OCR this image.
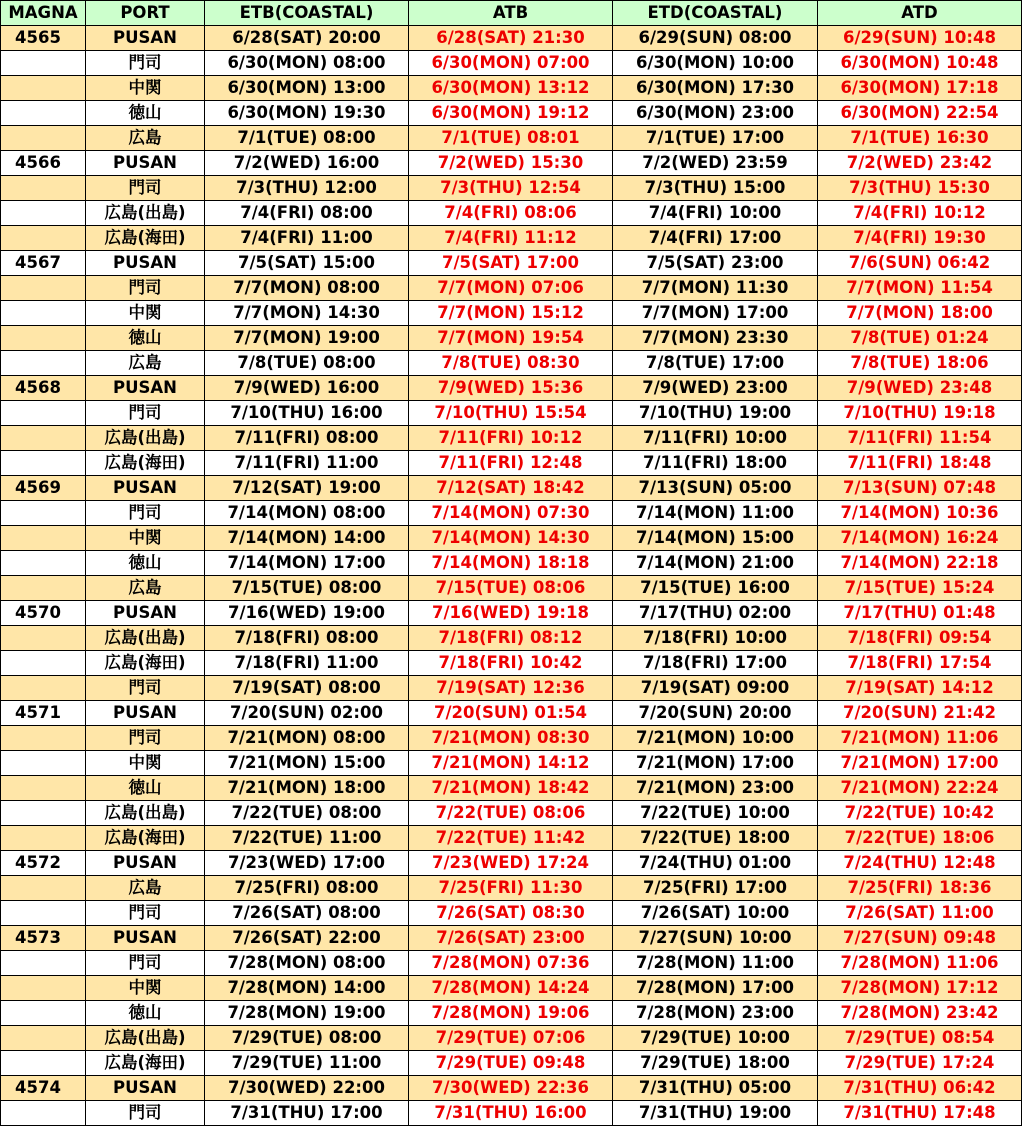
MAGNA	PORT	ETB(COASTAL)	ATB	ETD(COASTAL)	ATD
4565	PUSAN	6/28(SAT) 20:00	6/28(SAT) 21:30	6/29(SUN) 08:00	6/29(SUN) 10:48
	門司	6/30(MON) 08:00	6/30(MON) 07:00	6/30(MON) 10:00	6/30(MON) 10:48
	中関	6/30(MON) 13:00	6/30(MON) 13:12	6/30(MON) 17:30	6/30(MON) 17:18
	徳山	6/30(MON) 19:30	6/30(MON) 19:12	6/30(MON) 23:00	6/30(MON) 22:54
	広島	7/1(TUE) 08:00	7/1(TUE) 08:01	7/1(TUE) 17:00	7/1(TUE) 16:30
4566	PUSAN	7/2(WED) 16:00	7/2(WED) 15:30	7/2(WED) 23:59	7/2(WED) 23:42
	門司	7/3(THU) 12:00	7/3(THU) 12:54	7/3(THU) 15:00	7/3(THU) 15:30
	広島(出島)	7/4(FRI) 08:00	7/4(FRI) 08:06	7/4(FRI) 10:00	7/4(FRI) 10:12
	広島(海田)	7/4(FRI) 11:00	7/4(FRI) 11:12	7/4(FRI) 17:00	7/4(FRI) 19:30
4567	PUSAN	7/5(SAT) 15:00	7/5(SAT) 17:00	7/5(SAT) 23:00	7/6(SUN) 06:42
	門司	7/7(MON) 08:00	7/7(MON) 07:06	7/7(MON) 11:30	7/7(MON) 11:54
	中関	7/7(MON) 14:30	7/7(MON) 15:12	7/7(MON) 17:00	7/7(MON) 18:00
	徳山	7/7(MON) 19:00	7/7(MON) 19:54	7/7(MON) 23:30	7/8(TUE) 01:24
	広島	7/8(TUE) 08:00	7/8(TUE) 08:30	7/8(TUE) 17:00	7/8(TUE) 18:06
4568	PUSAN	7/9(WED) 16:00	7/9(WED) 15:36	7/9(WED) 23:00	7/9(WED) 23:48
	門司	7/10(THU) 16:00	7/10(THU) 15:54	7/10(THU) 19:00	7/10(THU) 19:18
	広島(出島)	7/11(FRI) 08:00	7/11(FRI) 10:12	7/11(FRI) 10:00	7/11(FRI) 11:54
	広島(海田)	7/11(FRI) 11:00	7/11(FRI) 12:48	7/11(FRI) 18:00	7/11(FRI) 18:48
4569	PUSAN	7/12(SAT) 19:00	7/12(SAT) 18:42	7/13(SUN) 05:00	7/13(SUN) 07:48
	門司	7/14(MON) 08:00	7/14(MON) 07:30	7/14(MON) 11:00	7/14(MON) 10:36
	中関	7/14(MON) 14:00	7/14(MON) 14:30	7/14(MON) 15:00	7/14(MON) 16:24
	徳山	7/14(MON) 17:00	7/14(MON) 18:18	7/14(MON) 21:00	7/14(MON) 22:18
	広島	7/15(TUE) 08:00	7/15(TUE) 08:06	7/15(TUE) 16:00	7/15(TUE) 15:24
4570	PUSAN	7/16(WED) 19:00	7/16(WED) 19:18	7/17(THU) 02:00	7/17(THU) 01:48
	広島(出島)	7/18(FRI) 08:00	7/18(FRI) 08:12	7/18(FRI) 10:00	7/18(FRI) 09:54
	広島(海田)	7/18(FRI) 11:00	7/18(FRI) 10:42	7/18(FRI) 17:00	7/18(FRI) 17:54
	門司	7/19(SAT) 08:00	7/19(SAT) 12:36	7/19(SAT) 09:00	7/19(SAT) 14:12
4571	PUSAN	7/20(SUN) 02:00	7/20(SUN) 01:54	7/20(SUN) 20:00	7/20(SUN) 21:42
	門司	7/21(MON) 08:00	7/21(MON) 08:30	7/21(MON) 10:00	7/21(MON) 11:06
	中関	7/21(MON) 15:00	7/21(MON) 14:12	7/21(MON) 17:00	7/21(MON) 17:00
	徳山	7/21(MON) 18:00	7/21(MON) 18:42	7/21(MON) 23:00	7/21(MON) 22:24
	広島(出島)	7/22(TUE) 08:00	7/22(TUE) 08:06	7/22(TUE) 10:00	7/22(TUE) 10:42
	広島(海田)	7/22(TUE) 11:00	7/22(TUE) 11:42	7/22(TUE) 18:00	7/22(TUE) 18:06
4572	PUSAN	7/23(WED) 17:00	7/23(WED) 17:24	7/24(THU) 01:00	7/24(THU) 12:48
	広島	7/25(FRI) 08:00	7/25(FRI) 11:30	7/25(FRI) 17:00	7/25(FRI) 18:36
	門司	7/26(SAT) 08:00	7/26(SAT) 08:30	7/26(SAT) 10:00	7/26(SAT) 11:00
4573	PUSAN	7/26(SAT) 22:00	7/26(SAT) 23:00	7/27(SUN) 10:00	7/27(SUN) 09:48
	門司	7/28(MON) 08:00	7/28(MON) 07:36	7/28(MON) 11:00	7/28(MON) 11:06
	中関	7/28(MON) 14:00	7/28(MON) 14:24	7/28(MON) 17:00	7/28(MON) 17:12
	徳山	7/28(MON) 19:00	7/28(MON) 19:06	7/28(MON) 23:00	7/28(MON) 23:42
	広島(出島)	7/29(TUE) 08:00	7/29(TUE) 07:06	7/29(TUE) 10:00	7/29(TUE) 08:54
	広島(海田)	7/29(TUE) 11:00	7/29(TUE) 09:48	7/29(TUE) 18:00	7/29(TUE) 17:24
4574	PUSAN	7/30(WED) 22:00	7/30(WED) 22:36	7/31(THU) 05:00	7/31(THU) 06:42
	門司	7/31(THU) 17:00	7/31(THU) 16:00	7/31(THU) 19:00	7/31(THU) 17:48
